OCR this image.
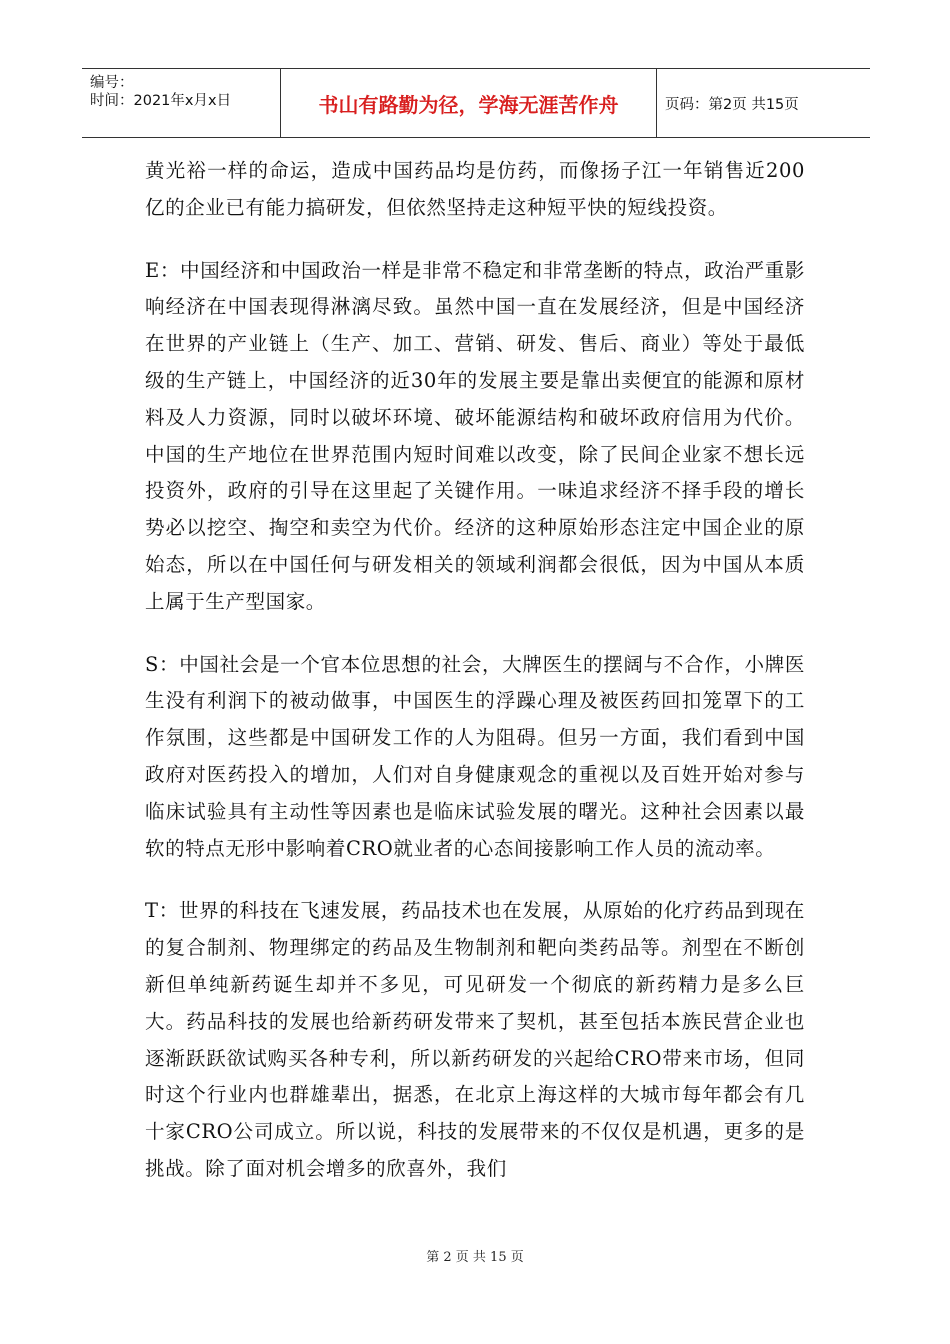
编号：
时间：2021年x月x日	书山有路勤为径，学海无涯苦作舟	页码：第2页 共15页

黄光裕一样的命运，造成中国药品均是仿药，而像扬子江一年销售近200亿的企业已有能力搞研发，但依然坚持走这种短平快的短线投资。

E：中国经济和中国政治一样是非常不稳定和非常垄断的特点，政治严重影响经济在中国表现得淋漓尽致。虽然中国一直在发展经济，但是中国经济在世界的产业链上（生产、加工、营销、研发、售后、商业）等处于最低级的生产链上，中国经济的近30年的发展主要是靠出卖便宜的能源和原材料及人力资源，同时以破坏环境、破坏能源结构和破坏政府信用为代价。中国的生产地位在世界范围内短时间难以改变，除了民间企业家不想长远投资外，政府的引导在这里起了关键作用。一味追求经济不择手段的增长势必以挖空、掏空和卖空为代价。经济的这种原始形态注定中国企业的原始态，所以在中国任何与研发相关的领域利润都会很低，因为中国从本质上属于生产型国家。

S：中国社会是一个官本位思想的社会，大牌医生的摆阔与不合作，小牌医生没有利润下的被动做事，中国医生的浮躁心理及被医药回扣笼罩下的工作氛围，这些都是中国研发工作的人为阻碍。但另一方面，我们看到中国政府对医药投入的增加，人们对自身健康观念的重视以及百姓开始对参与临床试验具有主动性等因素也是临床试验发展的曙光。这种社会因素以最软的特点无形中影响着CRO就业者的心态间接影响工作人员的流动率。

T：世界的科技在飞速发展，药品技术也在发展，从原始的化疗药品到现在的复合制剂、物理绑定的药品及生物制剂和靶向类药品等。剂型在不断创新但单纯新药诞生却并不多见，可见研发一个彻底的新药精力是多么巨大。药品科技的发展也给新药研发带来了契机，甚至包括本族民营企业也逐渐跃跃欲试购买各种专利，所以新药研发的兴起给CRO带来市场，但同时这个行业内也群雄辈出，据悉，在北京上海这样的大城市每年都会有几十家CRO公司成立。所以说，科技的发展带来的不仅仅是机遇，更多的是挑战。除了面对机会增多的欣喜外，我们

第 2 页 共 15 页
